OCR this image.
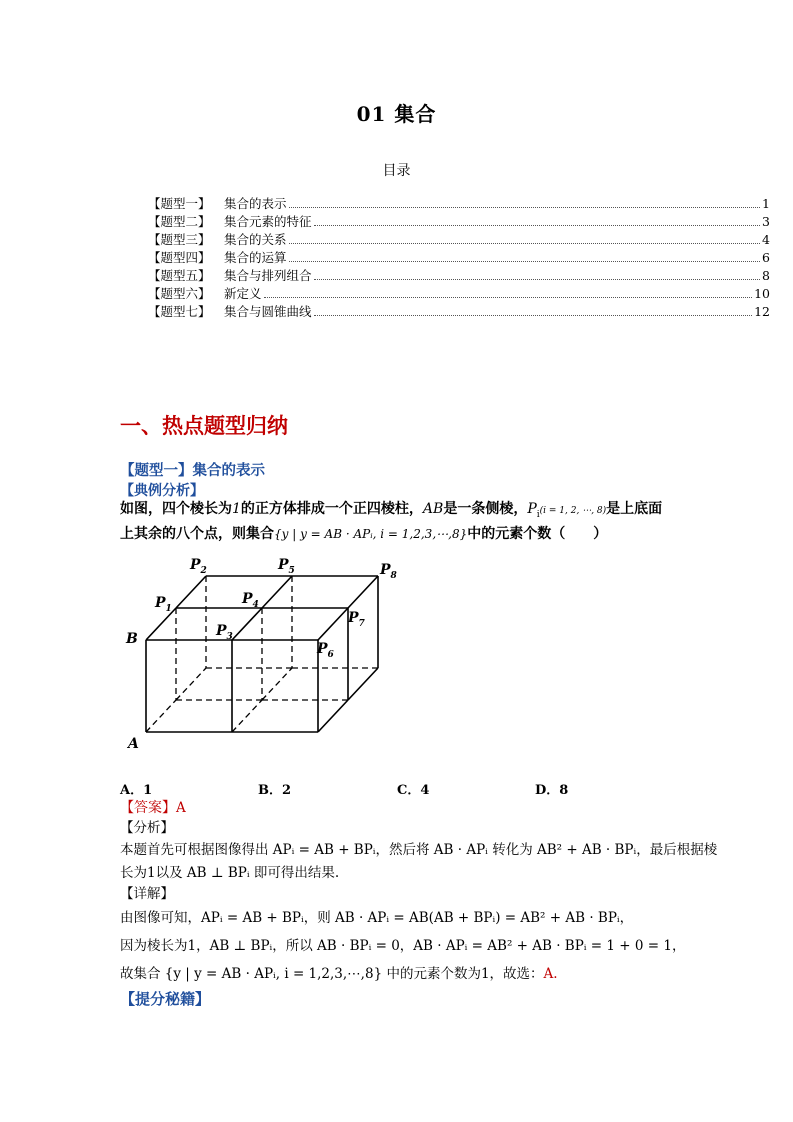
01 集合
目录
【题型一】	集合的表示	1
【题型二】	集合元素的特征	3
【题型三】	集合的关系	4
【题型四】	集合的运算	6
【题型五】	集合与排列组合	8
【题型六】	新定义	10
【题型七】	集合与圆锥曲线	12
一、热点题型归纳
【题型一】集合的表示
【典例分析】
如图，四个棱长为1的正方体排成一个正四棱柱，AB是一条侧棱，$P_i(i = 1$, 2, ⋯, 8)是上底面
上其余的八个点，则集合{y | y = AB · APᵢ, i = 1,2,3,⋯,8}中的元素个数（　　）
$P_2$	$P_5$	$P_8$
$P_1$
$P_4$
$P_7$
$P_3$
$P_6$
B
A
A．1	B．2	C．4	D．8
【答案】A
【分析】
本题首先可根据图像得出 APᵢ = AB + BPᵢ，然后将 AB · APᵢ 转化为 AB² + AB · BPᵢ，最后根据棱
长为1以及 AB ⊥ BPᵢ 即可得出结果.
【详解】
由图像可知，APᵢ = AB + BPᵢ，则 AB · APᵢ = AB(AB + BPᵢ) = AB² + AB · BPᵢ，
因为棱长为1，AB ⊥ BPᵢ，所以 AB · BPᵢ = 0，AB · APᵢ = AB² + AB · BPᵢ = 1 + 0 = 1，
故集合 {y | y = AB · APᵢ, i = 1,2,3,⋯,8} 中的元素个数为1，故选：A.
【提分秘籍】
